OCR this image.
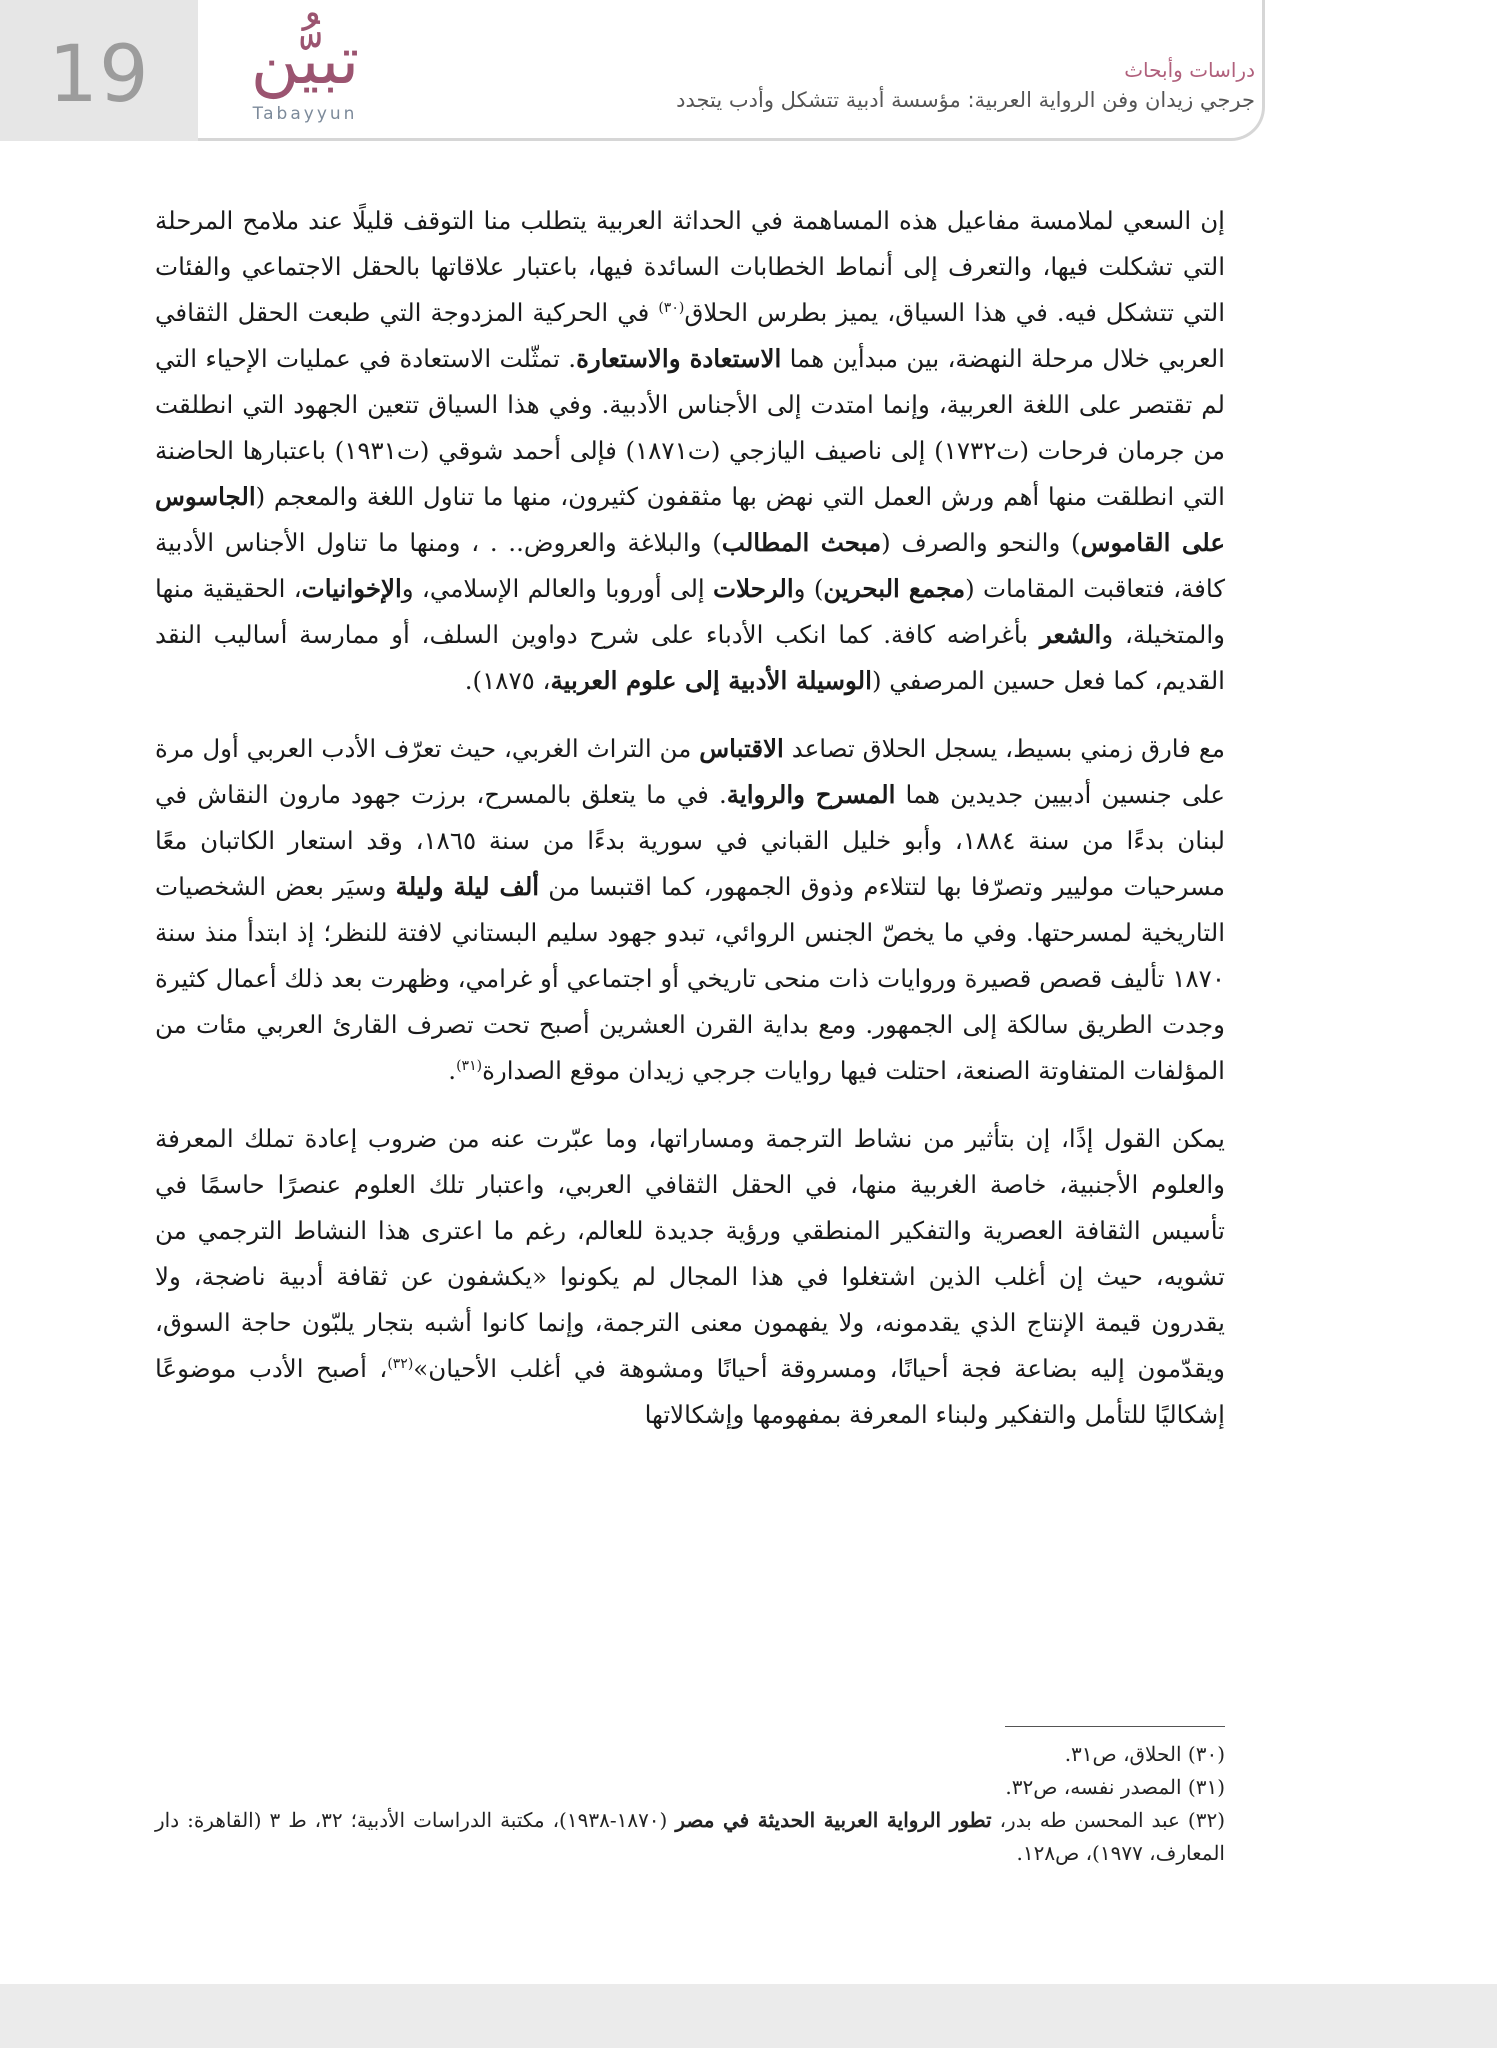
19	تبيُّن
Tabayyun
دراسات وأبحاث
جرجي زيدان وفن الرواية العربية: مؤسسة أدبية تتشكل وأدب يتجدد

إن السعي لملامسة مفاعيل هذه المساهمة في الحداثة العربية يتطلب منا التوقف قليلًا عند ملامح المرحلة التي تشكلت فيها، والتعرف إلى أنماط الخطابات السائدة فيها، باعتبار علاقاتها بالحقل الاجتماعي والفئات التي تتشكل فيه. في هذا السياق، يميز بطرس الحلاق$^{(٣٠)}$ في الحركية المزدوجة التي طبعت الحقل الثقافي العربي خلال مرحلة النهضة، بين مبدأين هما الاستعادة والاستعارة. تمثّلت الاستعادة في عمليات الإحياء التي لم تقتصر على اللغة العربية، وإنما امتدت إلى الأجناس الأدبية. وفي هذا السياق تتعين الجهود التي انطلقت من جرمان فرحات (ت١٧٣٢) إلى ناصيف اليازجي (ت١٨٧١) فإلى أحمد شوقي (ت١٩٣١) باعتبارها الحاضنة التي انطلقت منها أهم ورش العمل التي نهض بها مثقفون كثيرون، منها ما تناول اللغة والمعجم (الجاسوس على القاموس) والنحو والصرف (مبحث المطالب) والبلاغة والعروض.. . ، ومنها ما تناول الأجناس الأدبية كافة، فتعاقبت المقامات (مجمع البحرين) والرحلات إلى أوروبا والعالم الإسلامي، والإخوانيات، الحقيقية منها والمتخيلة، والشعر بأغراضه كافة. كما انكب الأدباء على شرح دواوين السلف، أو ممارسة أساليب النقد القديم، كما فعل حسين المرصفي (الوسيلة الأدبية إلى علوم العربية، ١٨٧٥).

مع فارق زمني بسيط، يسجل الحلاق تصاعد الاقتباس من التراث الغربي، حيث تعرّف الأدب العربي أول مرة على جنسين أدبيين جديدين هما المسرح والرواية. في ما يتعلق بالمسرح، برزت جهود مارون النقاش في لبنان بدءًا من سنة ١٨٨٤، وأبو خليل القباني في سورية بدءًا من سنة ١٨٦٥، وقد استعار الكاتبان معًا مسرحيات موليير وتصرّفا بها لتتلاءم وذوق الجمهور، كما اقتبسا من ألف ليلة وليلة وسيَر بعض الشخصيات التاريخية لمسرحتها. وفي ما يخصّ الجنس الروائي، تبدو جهود سليم البستاني لافتة للنظر؛ إذ ابتدأ منذ سنة ١٨٧٠ تأليف قصص قصيرة وروايات ذات منحى تاريخي أو اجتماعي أو غرامي، وظهرت بعد ذلك أعمال كثيرة وجدت الطريق سالكة إلى الجمهور. ومع بداية القرن العشرين أصبح تحت تصرف القارئ العربي مئات من المؤلفات المتفاوتة الصنعة، احتلت فيها روايات جرجي زيدان موقع الصدارة$^{(٣١)}$.

يمكن القول إذًا، إن بتأثير من نشاط الترجمة ومساراتها، وما عبّرت عنه من ضروب إعادة تملك المعرفة والعلوم الأجنبية، خاصة الغربية منها، في الحقل الثقافي العربي، واعتبار تلك العلوم عنصرًا حاسمًا في تأسيس الثقافة العصرية والتفكير المنطقي ورؤية جديدة للعالم، رغم ما اعترى هذا النشاط الترجمي من تشويه، حيث إن أغلب الذين اشتغلوا في هذا المجال لم يكونوا «يكشفون عن ثقافة أدبية ناضجة، ولا يقدرون قيمة الإنتاج الذي يقدمونه، ولا يفهمون معنى الترجمة، وإنما كانوا أشبه بتجار يلبّون حاجة السوق، ويقدّمون إليه بضاعة فجة أحيانًا، ومسروقة أحيانًا ومشوهة في أغلب الأحيان»$^{(٣٢)}$، أصبح الأدب موضوعًا إشكاليًا للتأمل والتفكير ولبناء المعرفة بمفهومها وإشكالاتها

(٣٠) الحلاق، ص٣١.

(٣١) المصدر نفسه، ص٣٢.

(٣٢) عبد المحسن طه بدر، تطور الرواية العربية الحديثة في مصر (١٨٧٠-١٩٣٨)، مكتبة الدراسات الأدبية؛ ٣٢، ط ٣ (القاهرة: دار المعارف، ١٩٧٧)، ص١٢٨.
